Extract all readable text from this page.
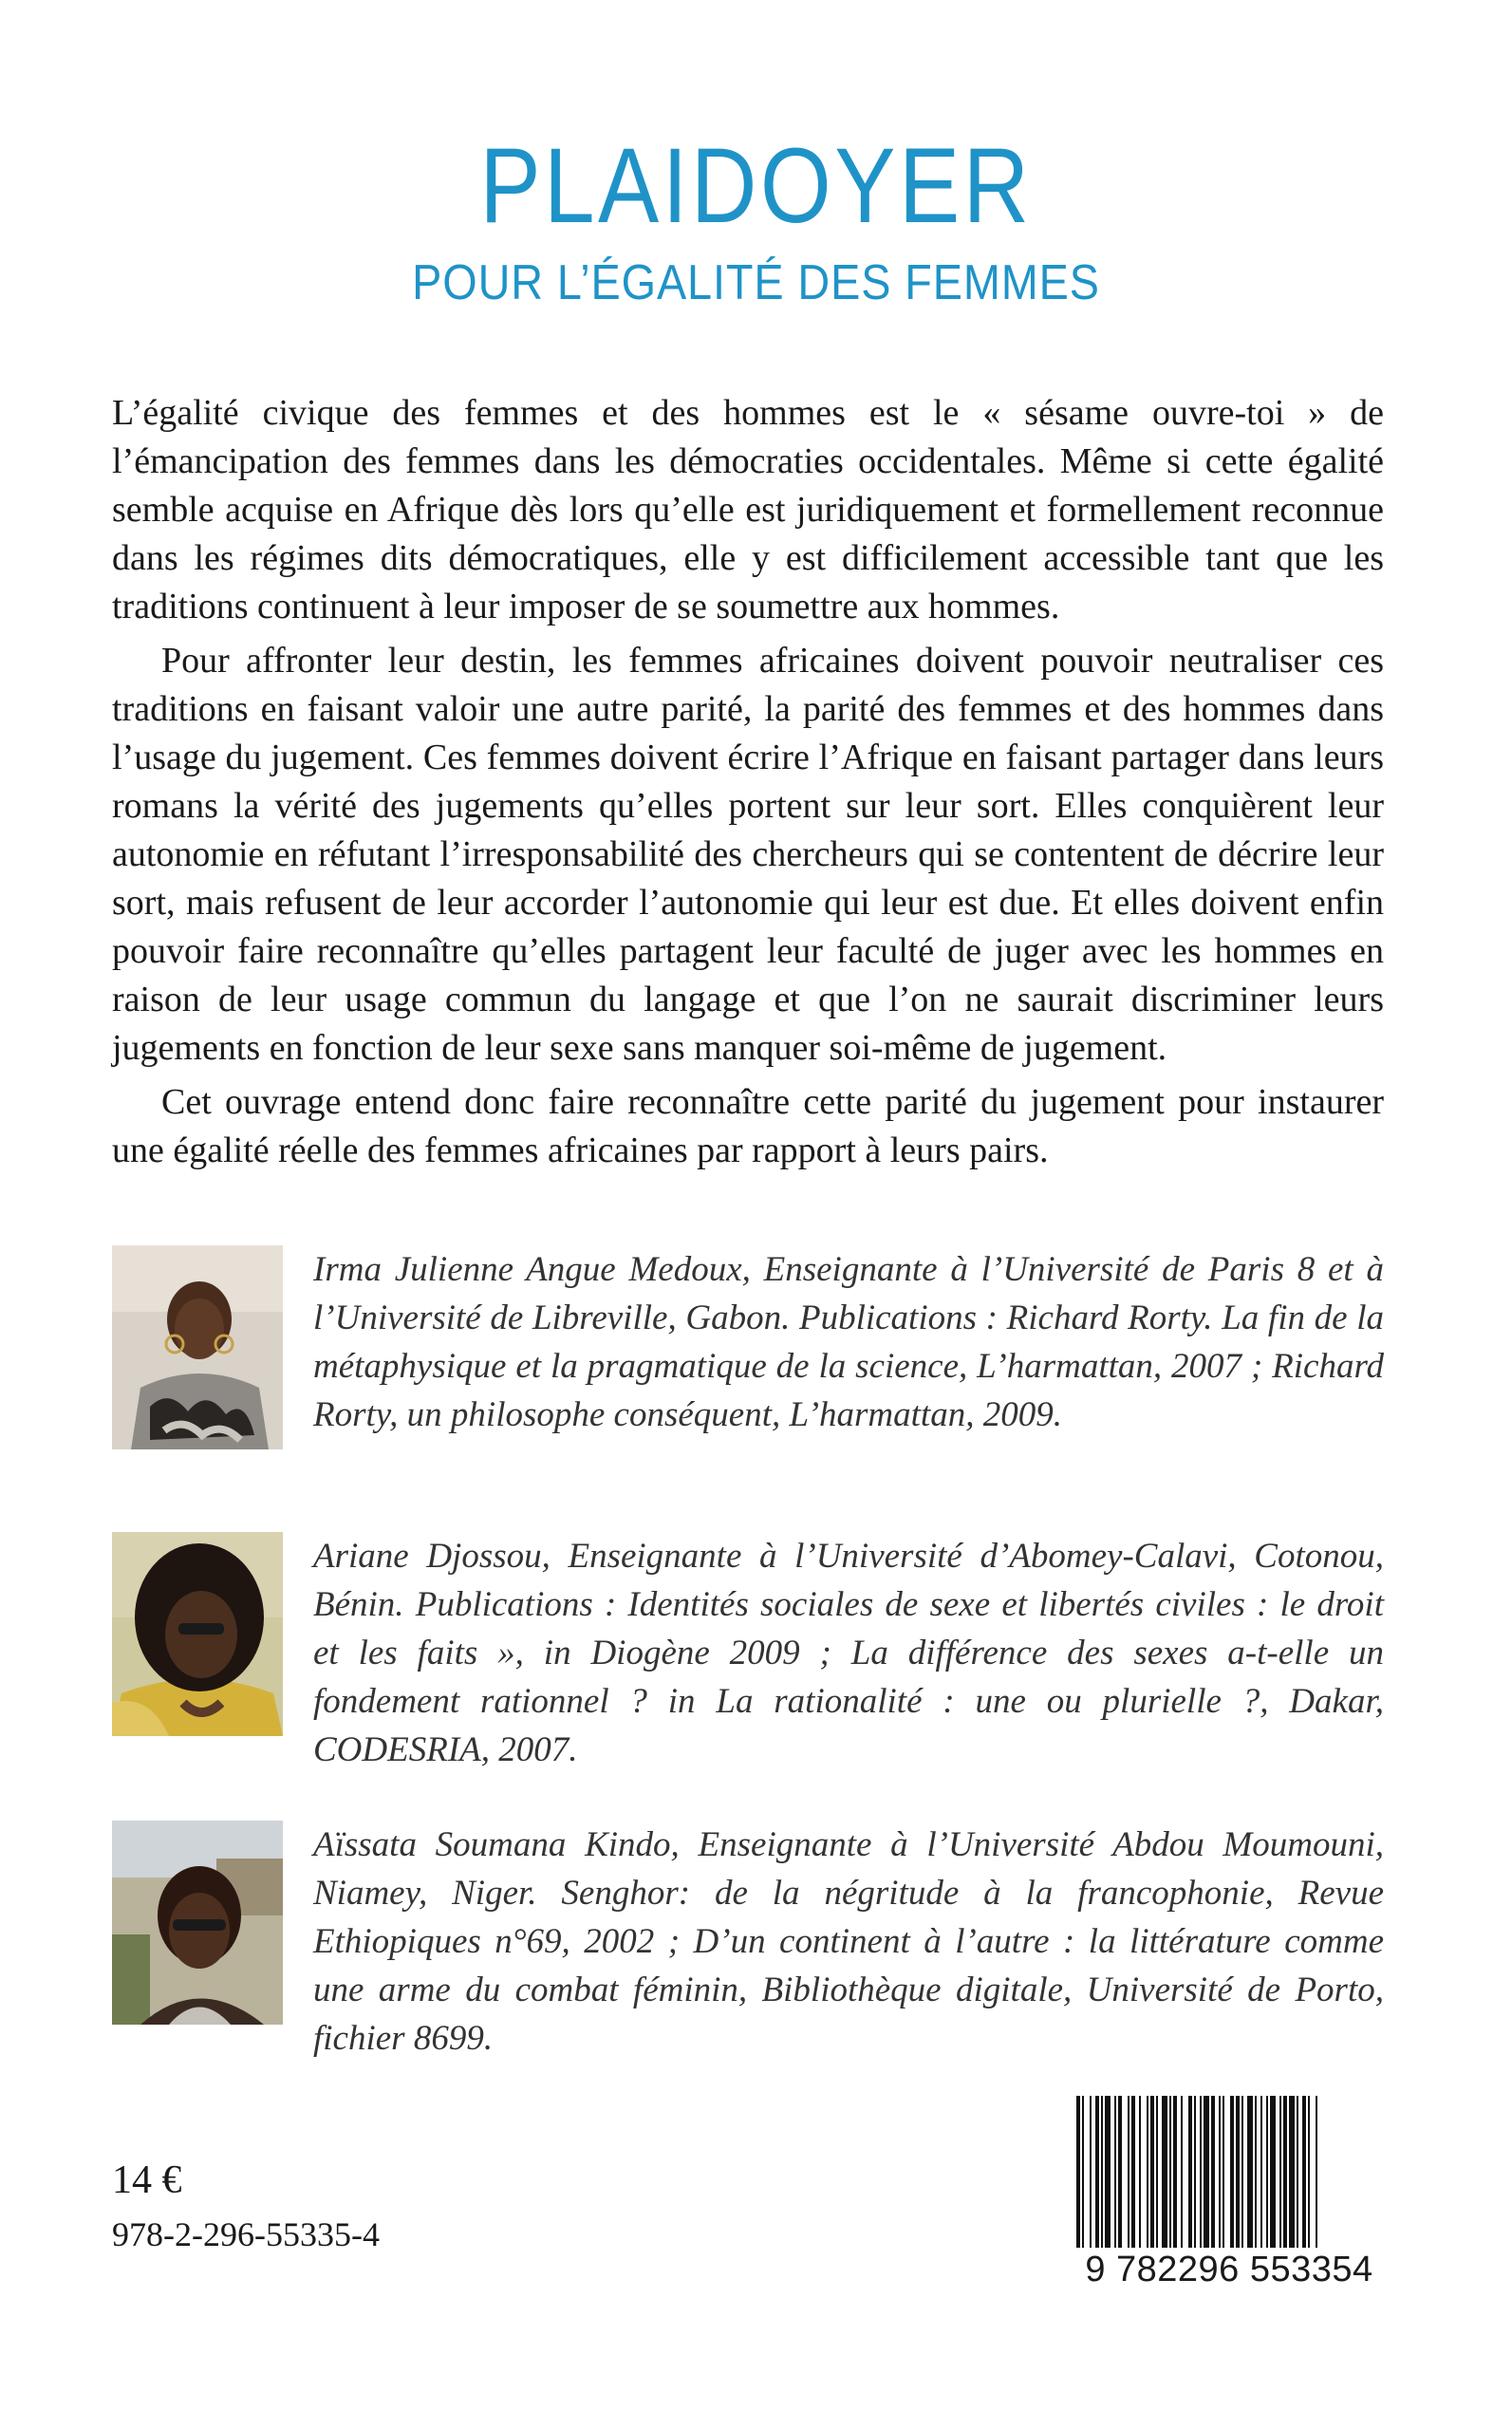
PLAIDOYER
POUR L’ÉGALITÉ DES FEMMES

L’égalité civique des femmes et des hommes est le « sésame ouvre-toi » de l’émancipation des femmes dans les démocraties occidentales. Même si cette égalité semble acquise en Afrique dès lors qu’elle est juridiquement et formellement reconnue dans les régimes dits démocratiques, elle y est difficilement accessible tant que les traditions continuent à leur imposer de se soumettre aux hommes.

Pour affronter leur destin, les femmes africaines doivent pouvoir neutraliser ces traditions en faisant valoir une autre parité, la parité des femmes et des hommes dans l’usage du jugement. Ces femmes doivent écrire l’Afrique en faisant partager dans leurs romans la vérité des jugements qu’elles portent sur leur sort. Elles conquièrent leur autonomie en réfutant l’irresponsabilité des chercheurs qui se contentent de décrire leur sort, mais refusent de leur accorder l’autonomie qui leur est due. Et elles doivent enfin pouvoir faire reconnaître qu’elles partagent leur faculté de juger avec les hommes en raison de leur usage commun du langage et que l’on ne saurait discriminer leurs jugements en fonction de leur sexe sans manquer soi-même de jugement.

Cet ouvrage entend donc faire reconnaître cette parité du jugement pour instaurer une égalité réelle des femmes africaines par rapport à leurs pairs.

Irma Julienne Angue Medoux, Enseignante à l’Université de Paris 8 et à l’Université de Libreville, Gabon. Publications : Richard Rorty. La fin de la métaphysique et la pragmatique de la science, L’harmattan, 2007 ; Richard Rorty, un philosophe conséquent, L’harmattan, 2009.
Ariane Djossou, Enseignante à l’Université d’Abomey-Calavi, Cotonou, Bénin. Publications : Identités sociales de sexe et libertés civiles : le droit et les faits », in Diogène 2009 ; La différence des sexes a-t-elle un fondement rationnel ? in La rationalité : une ou plurielle ?, Dakar, CODESRIA, 2007.
Aïssata Soumana Kindo, Enseignante à l’Université Abdou Moumouni, Niamey, Niger. Senghor: de la négritude à la francophonie, Revue Ethiopiques n°69, 2002 ; D’un continent à l’autre : la littérature comme une arme du combat féminin, Bibliothèque digitale, Université de Porto, fichier 8699.
14 €
978-2-296-55335-4
9 782296 553354
